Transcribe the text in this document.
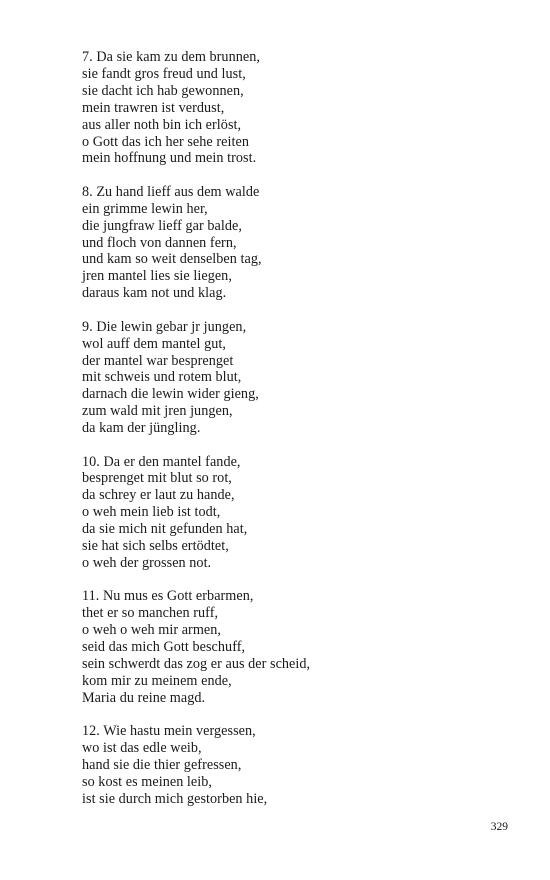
7. Da sie kam zu dem brunnen,
sie fandt gros freud und lust,
sie dacht ich hab gewonnen,
mein trawren ist verdust,
aus aller noth bin ich erlöst,
o Gott das ich her sehe reiten
mein hoffnung und mein trost.
8. Zu hand lieff aus dem walde
ein grimme lewin her,
die jungfraw lieff gar balde,
und floch von dannen fern,
und kam so weit denselben tag,
jren mantel lies sie liegen,
daraus kam not und klag.
9. Die lewin gebar jr jungen,
wol auff dem mantel gut,
der mantel war besprenget
mit schweis und rotem blut,
darnach die lewin wider gieng,
zum wald mit jren jungen,
da kam der jüngling.
10. Da er den mantel fande,
besprenget mit blut so rot,
da schrey er laut zu hande,
o weh mein lieb ist todt,
da sie mich nit gefunden hat,
sie hat sich selbs ertödtet,
o weh der grossen not.
11. Nu mus es Gott erbarmen,
thet er so manchen ruff,
o weh o weh mir armen,
seid das mich Gott beschuff,
sein schwerdt das zog er aus der scheid,
kom mir zu meinem ende,
Maria du reine magd.
12. Wie hastu mein vergessen,
wo ist das edle weib,
hand sie die thier gefressen,
so kost es meinen leib,
ist sie durch mich gestorben hie,
329
